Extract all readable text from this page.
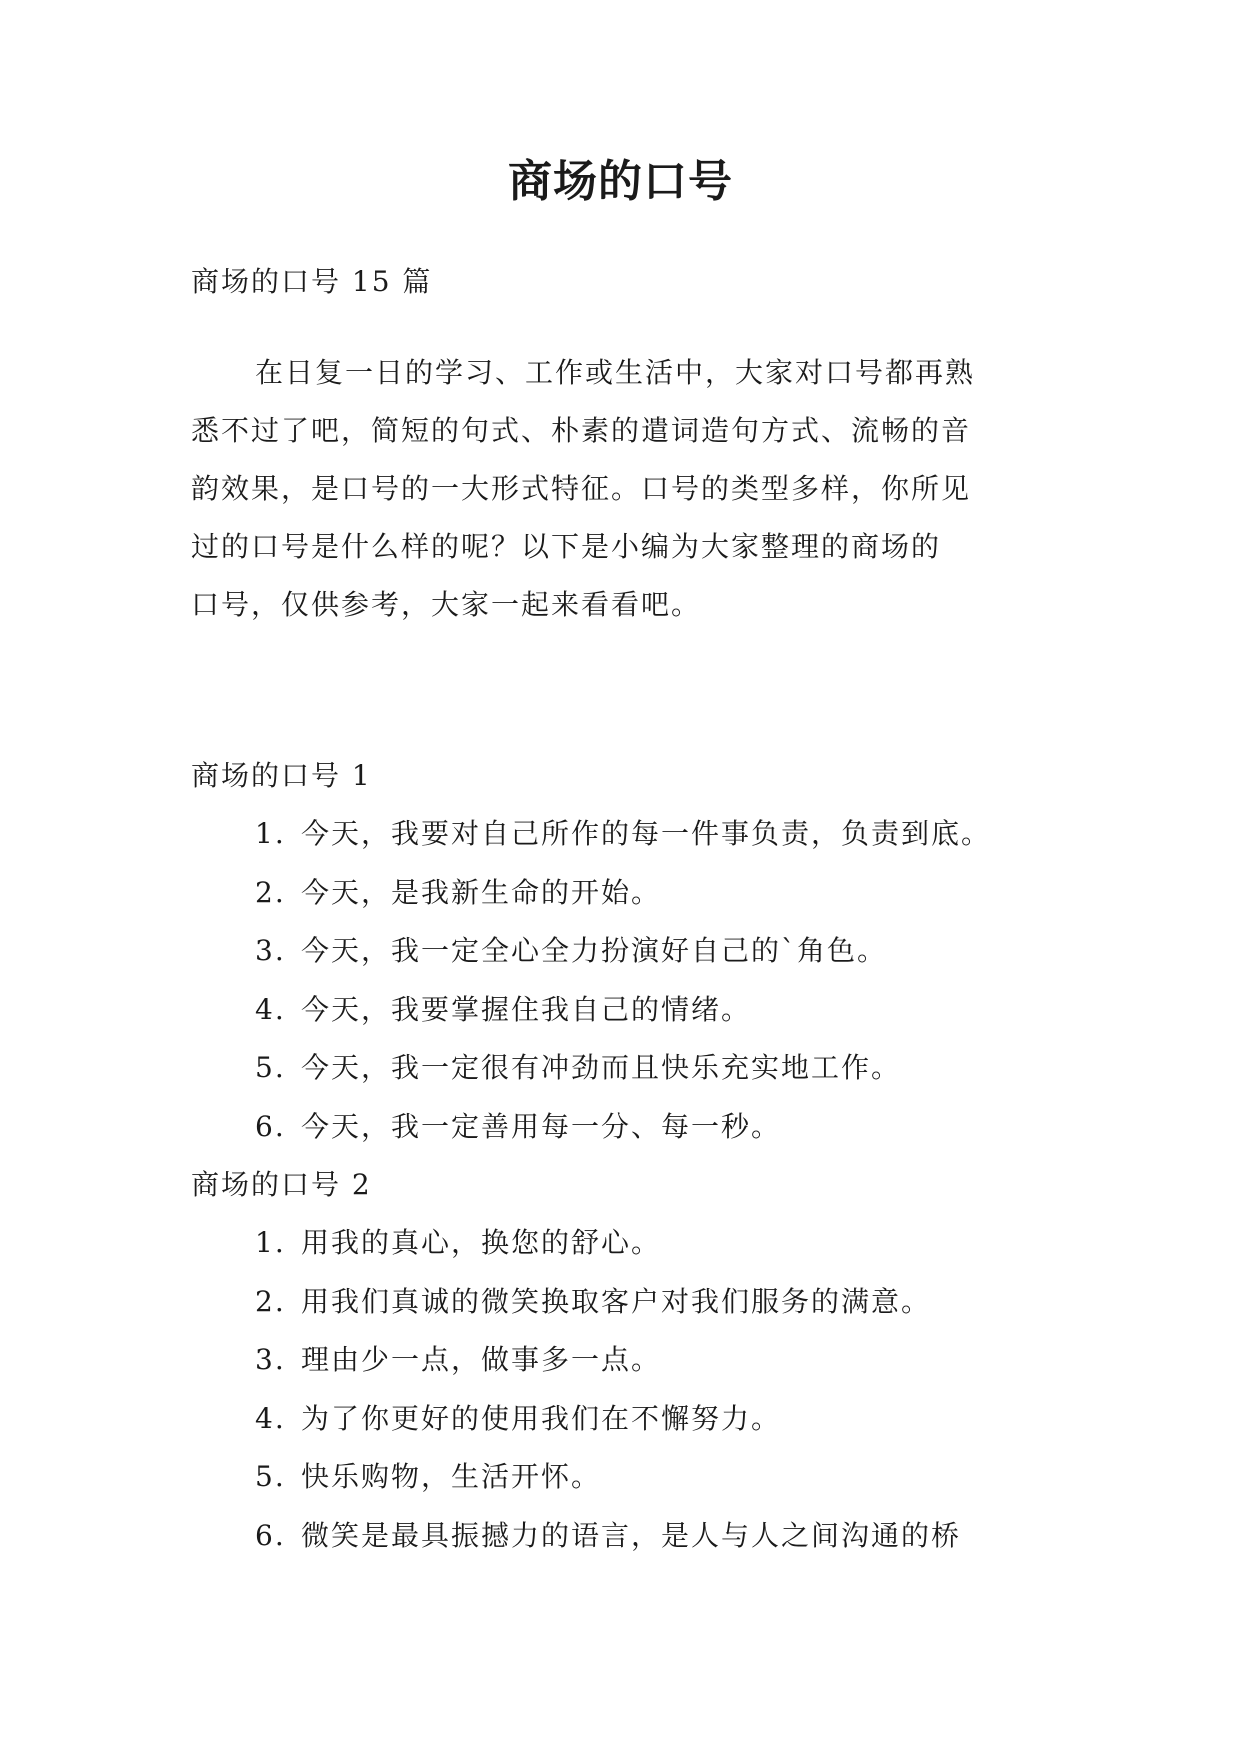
商场的口号
商场的口号 15 篇
在日复一日的学习、工作或生活中，大家对口号都再熟
悉不过了吧，简短的句式、朴素的遣词造句方式、流畅的音
韵效果，是口号的一大形式特征。口号的类型多样，你所见
过的口号是什么样的呢？以下是小编为大家整理的商场的
口号，仅供参考，大家一起来看看吧。
商场的口号 1
1. 今天，我要对自己所作的每一件事负责，负责到底。
2. 今天，是我新生命的开始。
3. 今天，我一定全心全力扮演好自己的`角色。
4. 今天，我要掌握住我自己的情绪。
5. 今天，我一定很有冲劲而且快乐充实地工作。
6. 今天，我一定善用每一分、每一秒。
商场的口号 2
1. 用我的真心，换您的舒心。
2. 用我们真诚的微笑换取客户对我们服务的满意。
3. 理由少一点，做事多一点。
4. 为了你更好的使用我们在不懈努力。
5. 快乐购物，生活开怀。
6. 微笑是最具振撼力的语言，是人与人之间沟通的桥
